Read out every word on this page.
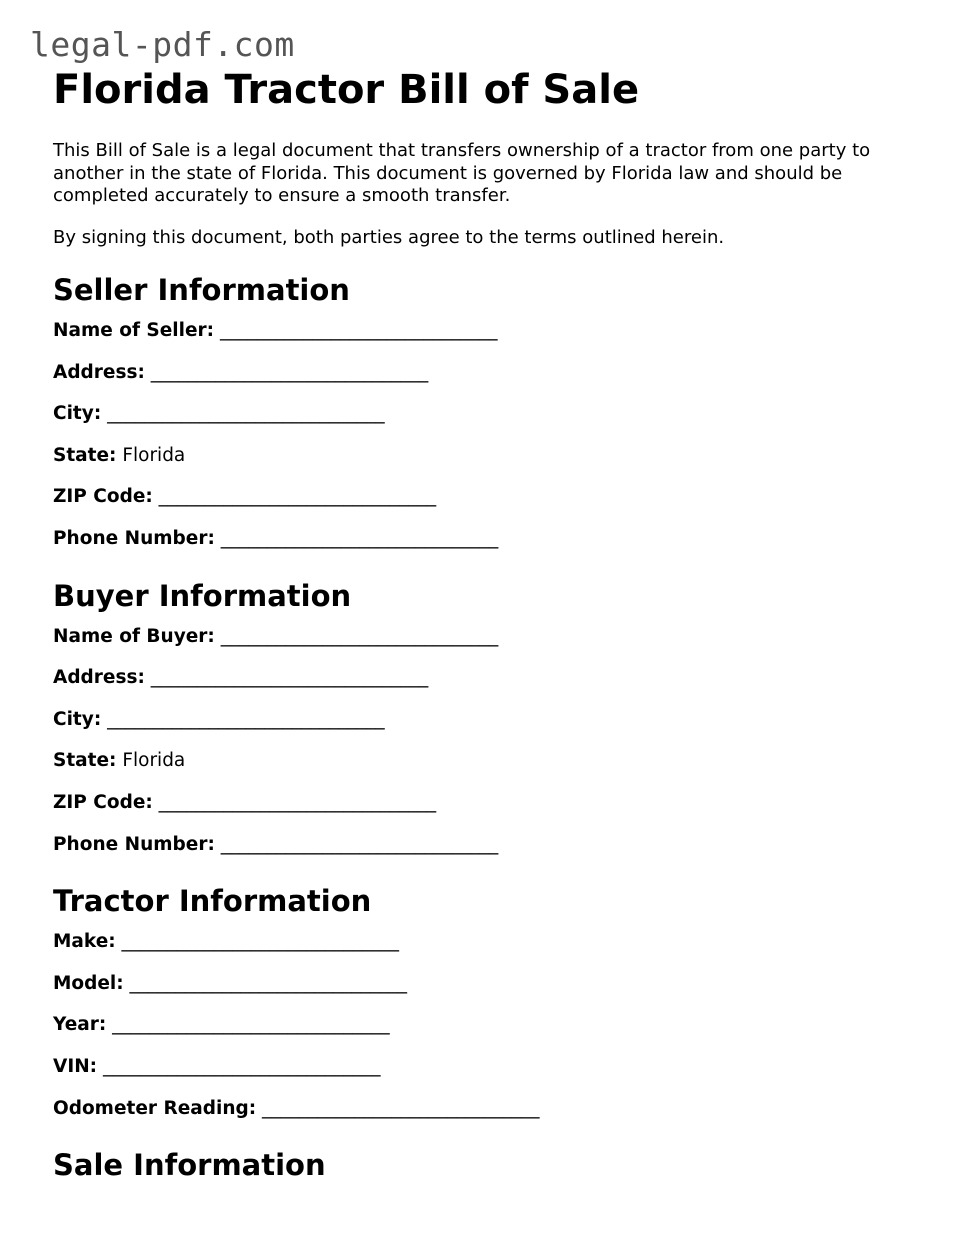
legal-pdf.com
Florida Tractor Bill of Sale

This Bill of Sale is a legal document that transfers ownership of a tractor from one party to another in the state of Florida. This document is governed by Florida law and should be completed accurately to ensure a smooth transfer.

By signing this document, both parties agree to the terms outlined herein.

Seller Information
Name of Seller: ______________________________
Address: ______________________________
City: ______________________________
State: Florida
ZIP Code: ______________________________
Phone Number: ______________________________
Buyer Information
Name of Buyer: ______________________________
Address: ______________________________
City: ______________________________
State: Florida
ZIP Code: ______________________________
Phone Number: ______________________________
Tractor Information
Make: ______________________________
Model: ______________________________
Year: ______________________________
VIN: ______________________________
Odometer Reading: ______________________________
Sale Information
